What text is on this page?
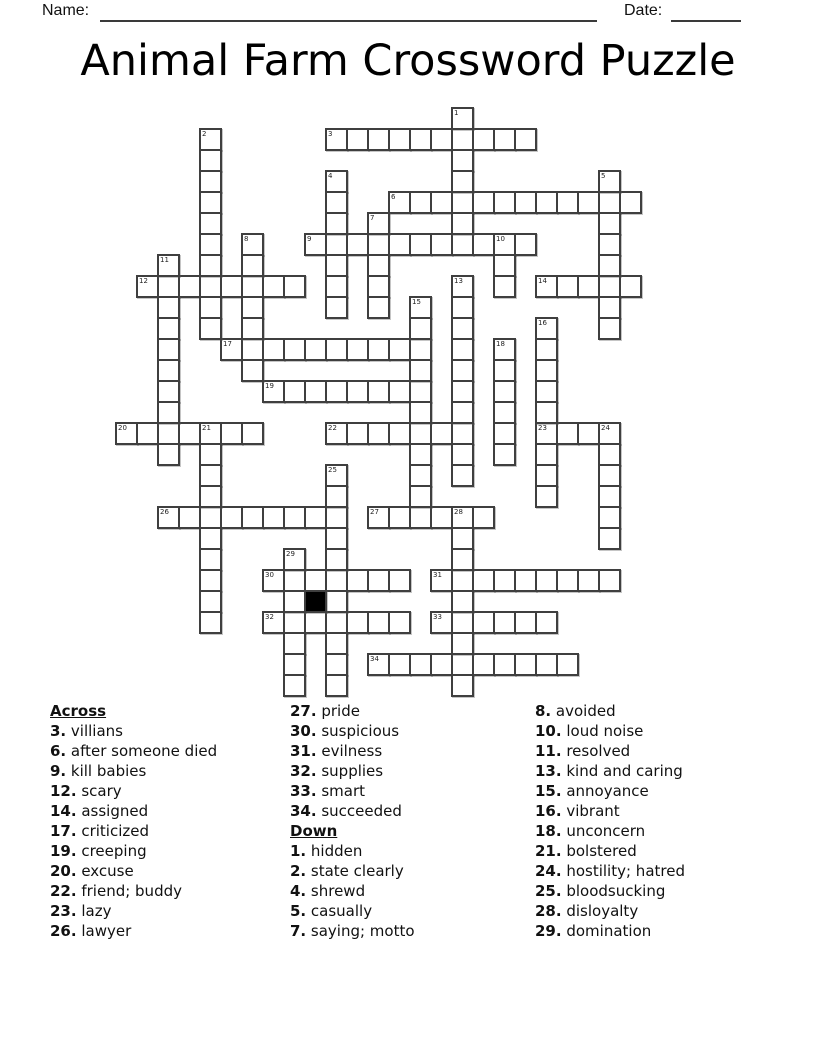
Name:	Date:
Animal Farm Crossword Puzzle
3
6
9	10
12	14
17
19
20	21	22	23	24
26	27	28
30	31
32	33
34
1
2
4	5
7
8
11
13
15
16
18
25
29
Across
3. villians
6. after someone died
9. kill babies
12. scary
14. assigned
17. criticized
19. creeping
20. excuse
22. friend; buddy
23. lazy
26. lawyer
27. pride
30. suspicious
31. evilness
32. supplies
33. smart
34. succeeded
Down
1. hidden
2. state clearly
4. shrewd
5. casually
7. saying; motto
8. avoided
10. loud noise
11. resolved
13. kind and caring
15. annoyance
16. vibrant
18. unconcern
21. bolstered
24. hostility; hatred
25. bloodsucking
28. disloyalty
29. domination
